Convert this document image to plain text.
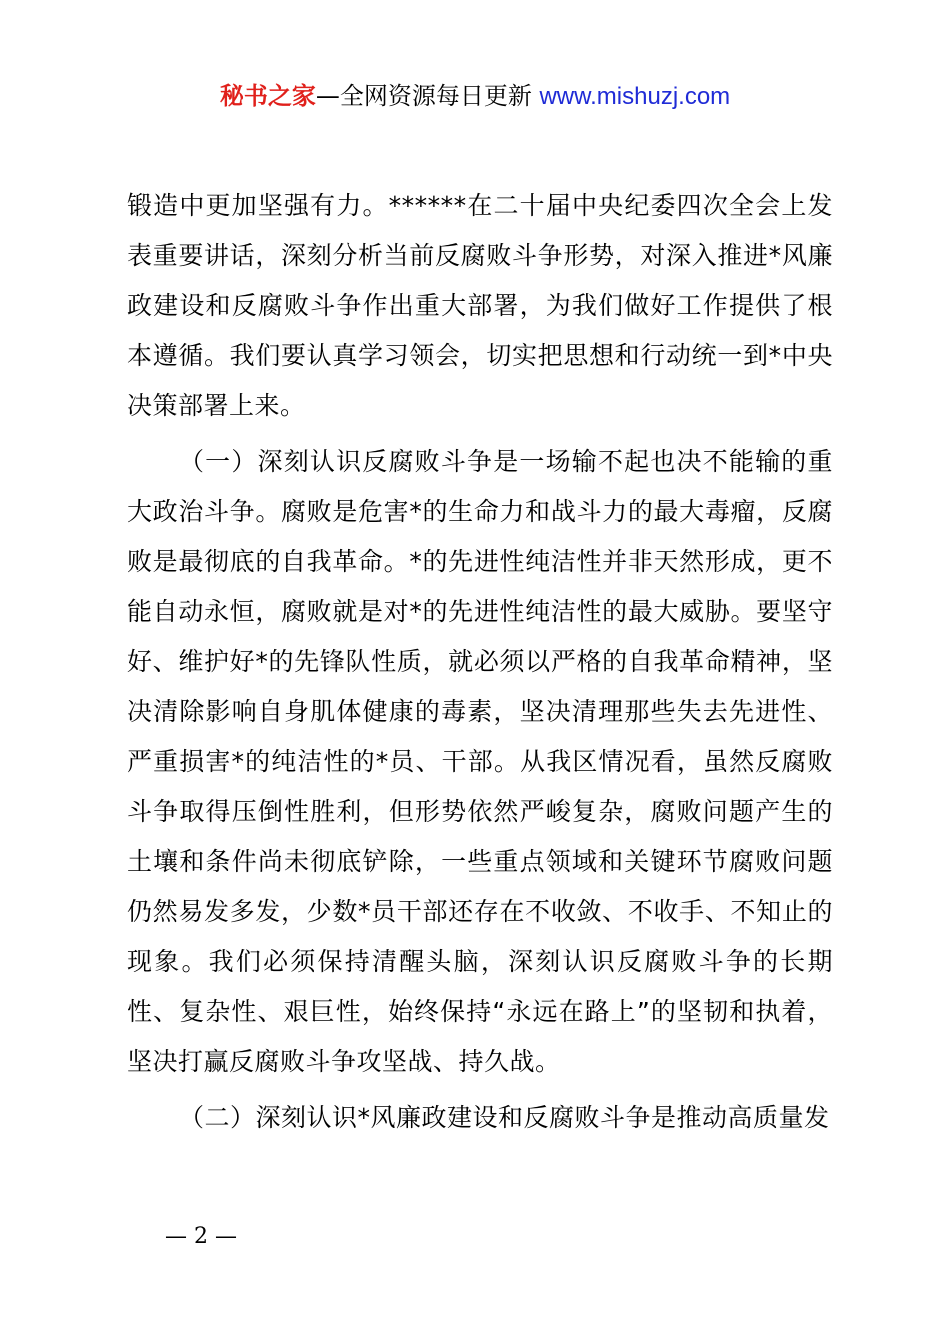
秘书之家—全网资源每日更新 www.mishuzj.com

锻造中更加坚强有力。******在二十届中央纪委四次全会上发表重要讲话，深刻分析当前反腐败斗争形势，对深入推进*风廉政建设和反腐败斗争作出重大部署，为我们做好工作提供了根本遵循。我们要认真学习领会，切实把思想和行动统一到*中央决策部署上来。

（一）深刻认识反腐败斗争是一场输不起也决不能输的重大政治斗争。腐败是危害*的生命力和战斗力的最大毒瘤，反腐败是最彻底的自我革命。*的先进性纯洁性并非天然形成，更不能自动永恒，腐败就是对*的先进性纯洁性的最大威胁。要坚守好、维护好*的先锋队性质，就必须以严格的自我革命精神，坚决清除影响自身肌体健康的毒素，坚决清理那些失去先进性、严重损害*的纯洁性的*员、干部。从我区情况看，虽然反腐败斗争取得压倒性胜利，但形势依然严峻复杂，腐败问题产生的土壤和条件尚未彻底铲除，一些重点领域和关键环节腐败问题仍然易发多发，少数*员干部还存在不收敛、不收手、不知止的现象。我们必须保持清醒头脑，深刻认识反腐败斗争的长期性、复杂性、艰巨性，始终保持“永远在路上”的坚韧和执着，坚决打赢反腐败斗争攻坚战、持久战。

（二）深刻认识*风廉政建设和反腐败斗争是推动高质量发

— 2 —
